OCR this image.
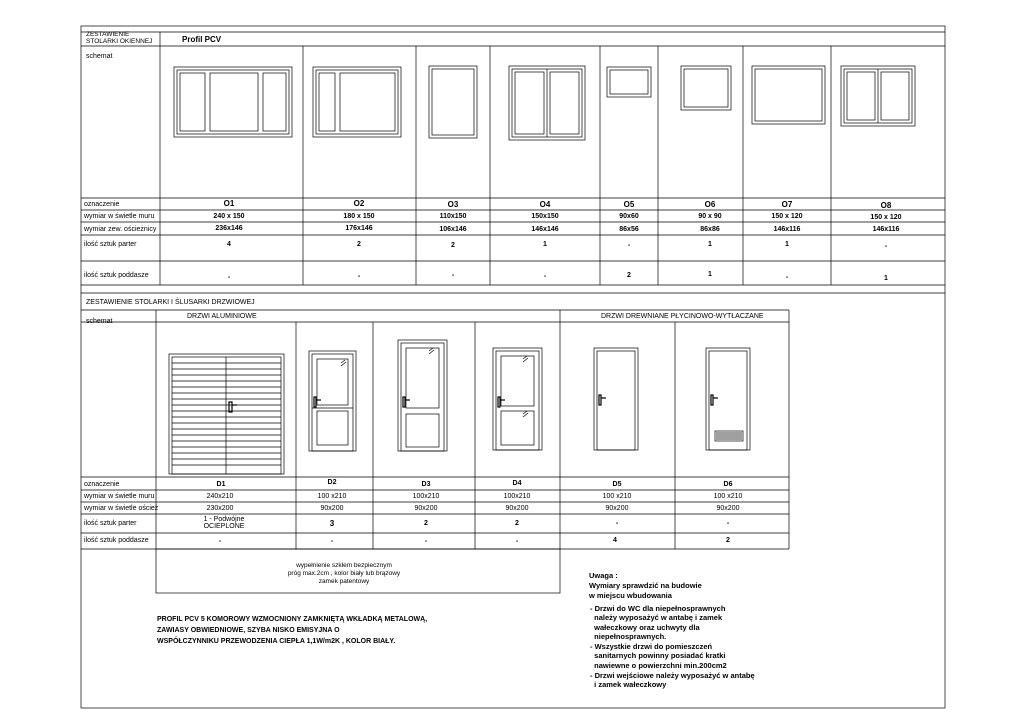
ZESTAWIENIE
STOLARKI OKIENNEJ	Profil PCV
schemat
oznaczenie
wymiar w świetle muru
wymiar zew. ościeżnicy
ilość sztuk parter
ilość sztuk poddasze
O1
240 x 150
236x146
4
-
O2
180 x 150
176x146
2
-
O3
110x150
106x146
2
-
O4
150x150
146x146
1
-
O5
90x60
86x56
-
2
O6
90 x 90
86x86
1
1
O7
150 x 120
146x116
1
-
O8
150 x 120
146x116
-
1
ZESTAWIENIE STOLARKI I ŚLUSARKI DRZWIOWEJ
schemat
DRZWI ALUMINIOWE	DRZWI DREWNIANE PŁYCINOWO-WYTŁACZANE
oznaczenie
wymiar w świetle muru
wymiar w świetle oścież
ilość sztuk parter
ilość sztuk poddasze
D1
240x210
230x200
1 - Podwójne
OCIEPLONE
-
D2
100 x210
90x200
3
-
D3
100x210
90x200
2
-
D4
100x210
90x200
2
-
D5
100 x210
90x200
-
4
D6
100 x210
90x200
-
2
wypełnienie szkłem bezpiecznym
próg max.2cm , kolor biały lub brązowy
zamek patentowy
PROFIL PCV 5 KOMOROWY WZMOCNIONY ZAMKNIĘTĄ WKŁADKĄ METALOWĄ,
ZAWIASY OBWIEDNIOWE, SZYBA NISKO EMISYJNA O
WSPÓŁCZYNNIKU PRZEWODZENIA CIEPŁA 1,1W/m2K , KOLOR BIAŁY.
Uwaga :
Wymiary sprawdzić na budowie
w miejscu wbudowania
- Drzwi do WC dla niepełnosprawnych
należy wyposażyć w antabę i zamek
wałeczkowy oraz uchwyty dla
niepełnosprawnych.
- Wszystkie drzwi do pomieszczeń
sanitarnych powinny posiadać kratki
nawiewne o powierzchni min.200cm2
- Drzwi wejściowe należy wyposażyć w antabę
i zamek wałeczkowy
